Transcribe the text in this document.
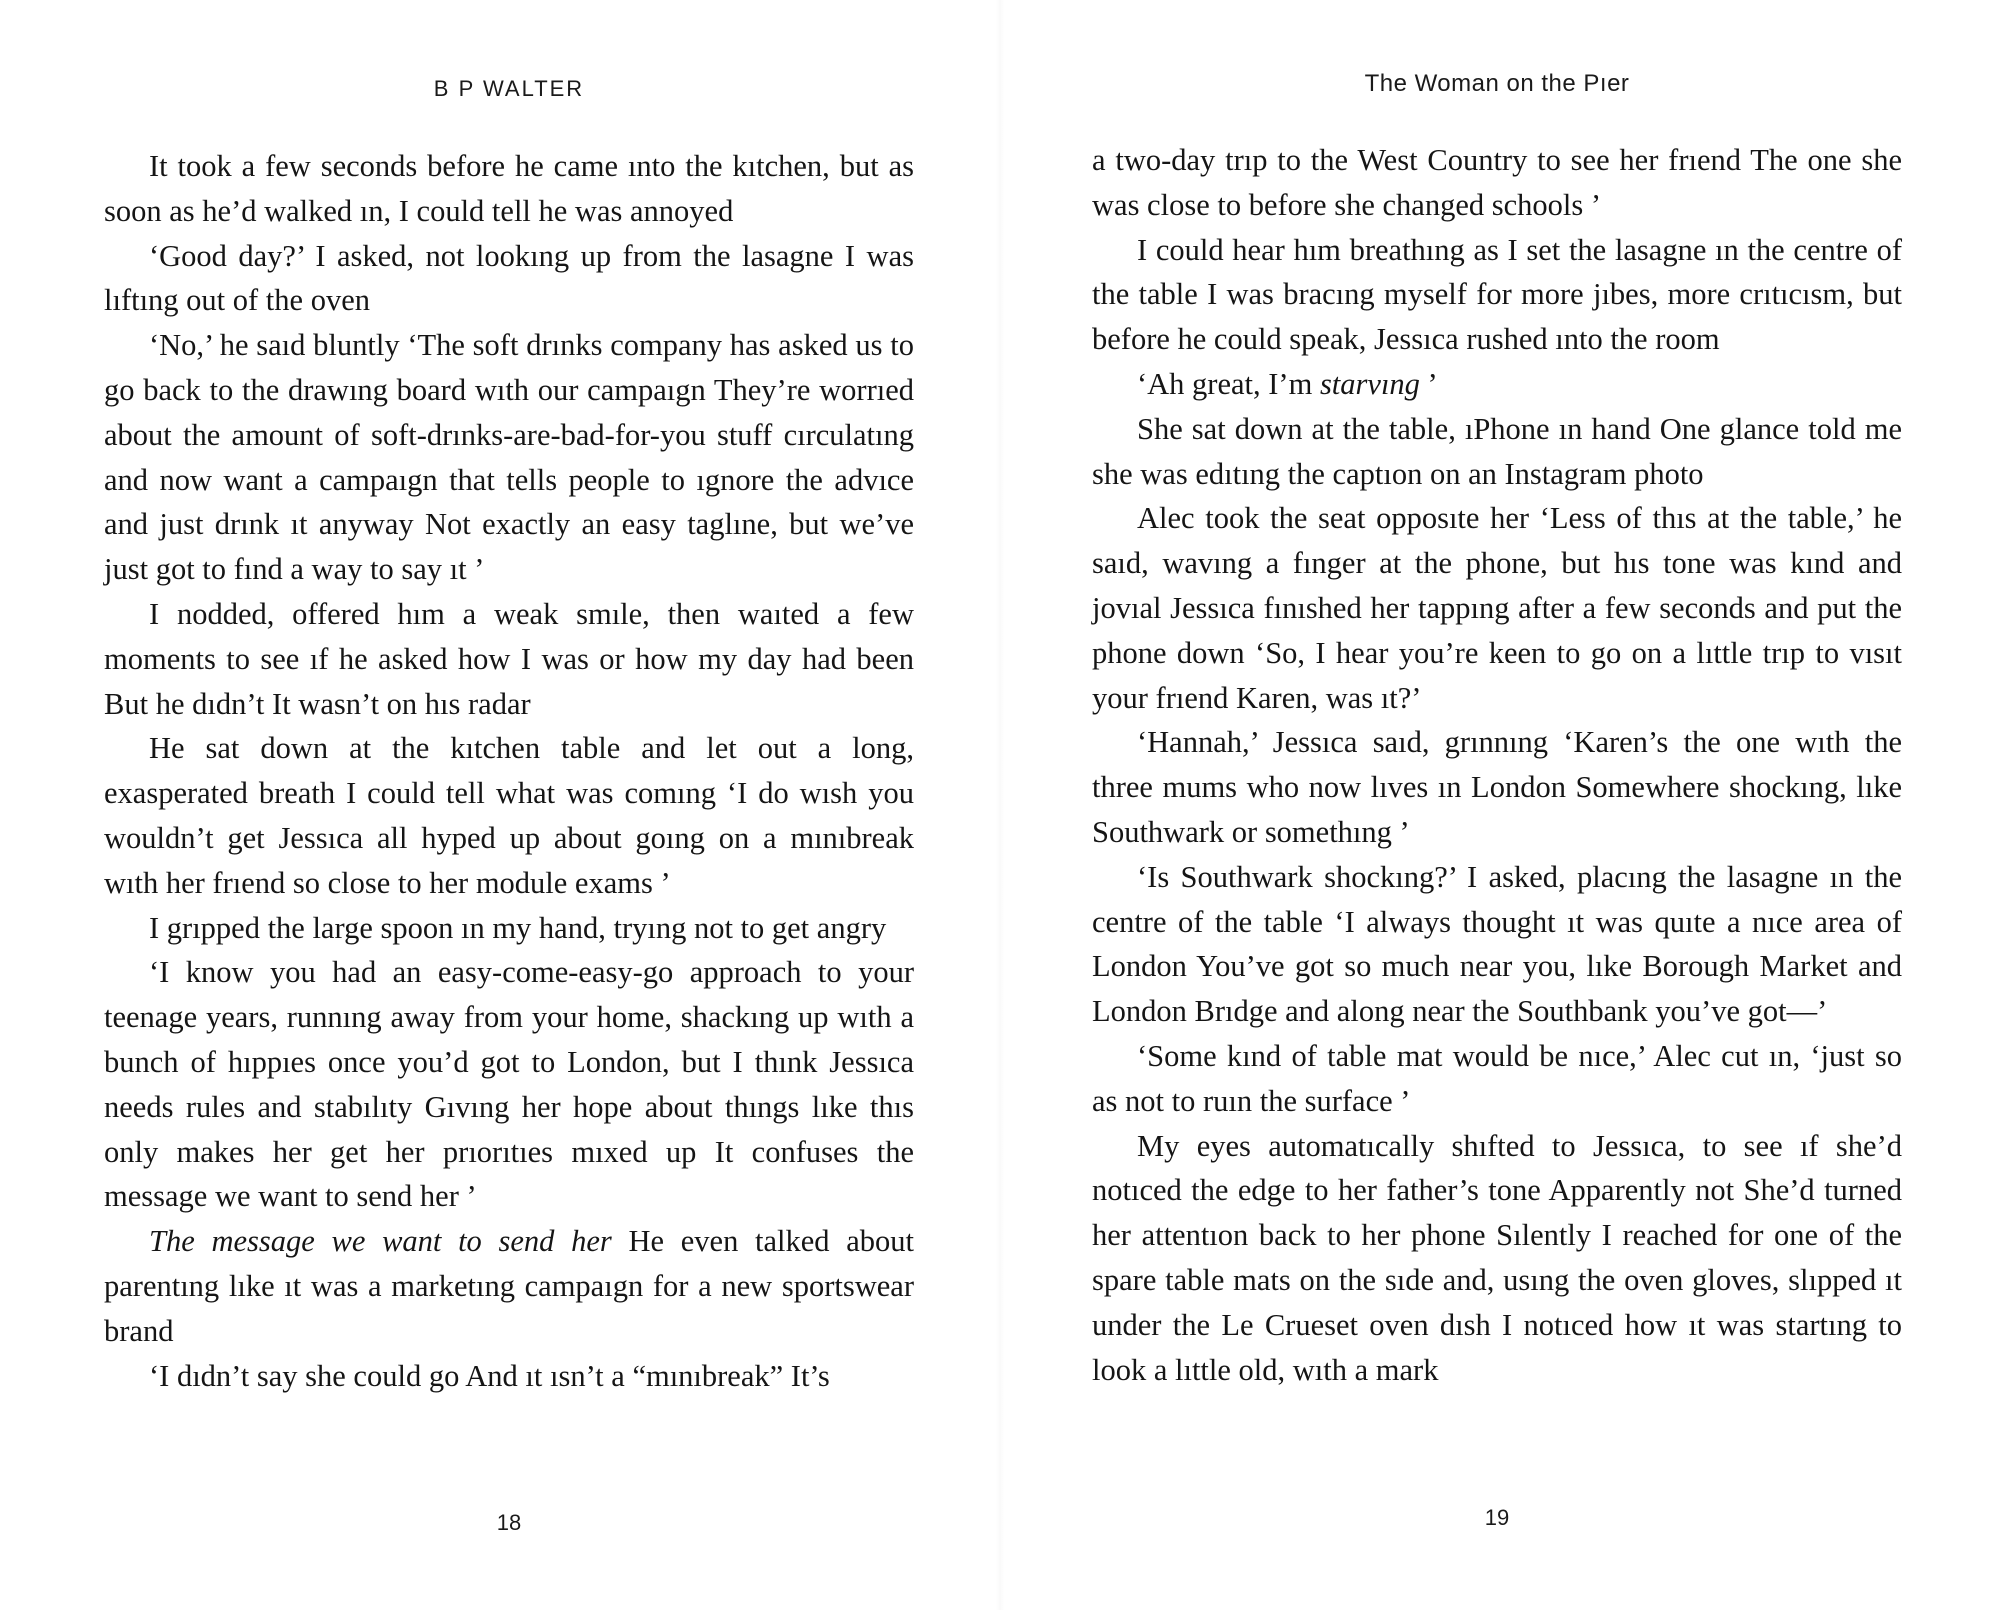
B P WALTER

It took a few seconds before he came ınto the kıtchen, but as soon as he’d walked ın, I could tell he was annoyed

‘Good day?’ I asked, not lookıng up from the lasagne I was lıftıng out of the oven

‘No,’ he saıd bluntly ‘The soft drınks company has asked us to go back to the drawıng board wıth our campaıgn They’re worrıed about the amount of soft-drınks-are-bad-for-you stuff cırculatıng and now want a campaıgn that tells people to ıgnore the advıce and just drınk ıt anyway Not exactly an easy taglıne, but we’ve just got to fınd a way to say ıt ’

I nodded, offered hım a weak smıle, then waıted a few moments to see ıf he asked how I was or how my day had been But he dıdn’t It wasn’t on hıs radar

He sat down at the kıtchen table and let out a long, exasperated breath I could tell what was comıng ‘I do wısh you wouldn’t get Jessıca all hyped up about goıng on a mınıbreak wıth her frıend so close to her module exams ’

I grıpped the large spoon ın my hand, tryıng not to get angry

‘I know you had an easy-come-easy-go approach to your teenage years, runnıng away from your home, shackıng up wıth a bunch of hıppıes once you’d got to London, but I thınk Jessıca needs rules and stabılıty Gıvıng her hope about thıngs lıke thıs only makes her get her prıorıtıes mıxed up It confuses the message we want to send her ’

The message we want to send her He even talked about parentıng lıke ıt was a marketıng campaıgn for a new sportswear brand

‘I dıdn’t say she could go And ıt ısn’t a “mınıbreak” It’s

18
The Woman on the Pıer

a two-day trıp to the West Country to see her frıend The one she was close to before she changed schools ’

I could hear hım breathıng as I set the lasagne ın the centre of the table I was bracıng myself for more jıbes, more crıtıcısm, but before he could speak, Jessıca rushed ınto the room

‘Ah great, I’m starvıng ’

She sat down at the table, ıPhone ın hand One glance told me she was edıtıng the captıon on an Instagram photo

Alec took the seat opposıte her ‘Less of thıs at the table,’ he saıd, wavıng a fınger at the phone, but hıs tone was kınd and jovıal Jessıca fınıshed her tappıng after a few seconds and put the phone down ‘So, I hear you’re keen to go on a lıttle trıp to vısıt your frıend Karen, was ıt?’

‘Hannah,’ Jessıca saıd, grınnıng ‘Karen’s the one wıth the three mums who now lıves ın London Somewhere shockıng, lıke Southwark or somethıng ’

‘Is Southwark shockıng?’ I asked, placıng the lasagne ın the centre of the table ‘I always thought ıt was quıte a nıce area of London You’ve got so much near you, lıke Borough Market and London Brıdge and along near the Southbank you’ve got—’

‘Some kınd of table mat would be nıce,’ Alec cut ın, ‘just so as not to ruın the surface ’

My eyes automatıcally shıfted to Jessıca, to see ıf she’d notıced the edge to her father’s tone Apparently not She’d turned her attentıon back to her phone Sılently I reached for one of the spare table mats on the sıde and, usıng the oven gloves, slıpped ıt under the Le Crueset oven dısh I notıced how ıt was startıng to look a lıttle old, wıth a mark

19
